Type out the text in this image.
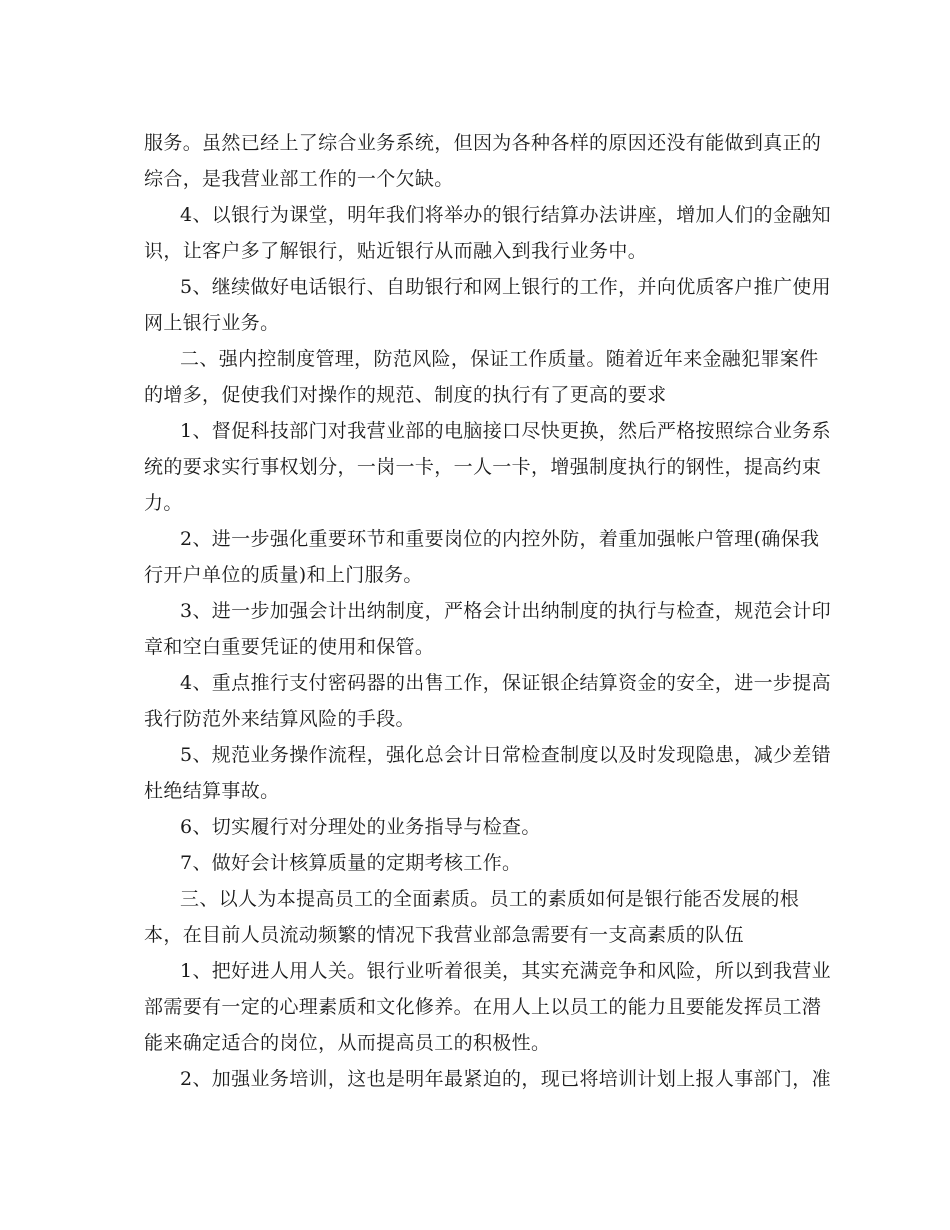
服务。虽然已经上了综合业务系统，但因为各种各样的原因还没有能做到真正的
综合，是我营业部工作的一个欠缺。
4、以银行为课堂，明年我们将举办的银行结算办法讲座，增加人们的金融知
识，让客户多了解银行，贴近银行从而融入到我行业务中。
5、继续做好电话银行、自助银行和网上银行的工作，并向优质客户推广使用
网上银行业务。
二、强内控制度管理，防范风险，保证工作质量。随着近年来金融犯罪案件
的增多，促使我们对操作的规范、制度的执行有了更高的要求
1、督促科技部门对我营业部的电脑接口尽快更换，然后严格按照综合业务系
统的要求实行事权划分，一岗一卡，一人一卡，增强制度执行的钢性，提高约束
力。
2、进一步强化重要环节和重要岗位的内控外防，着重加强帐户管理(确保我
行开户单位的质量)和上门服务。
3、进一步加强会计出纳制度，严格会计出纳制度的执行与检查，规范会计印
章和空白重要凭证的使用和保管。
4、重点推行支付密码器的出售工作，保证银企结算资金的安全，进一步提高
我行防范外来结算风险的手段。
5、规范业务操作流程，强化总会计日常检查制度以及时发现隐患，减少差错
杜绝结算事故。
6、切实履行对分理处的业务指导与检查。
7、做好会计核算质量的定期考核工作。
三、以人为本提高员工的全面素质。员工的素质如何是银行能否发展的根
本，在目前人员流动频繁的情况下我营业部急需要有一支高素质的队伍
1、把好进人用人关。银行业听着很美，其实充满竞争和风险，所以到我营业
部需要有一定的心理素质和文化修养。在用人上以员工的能力且要能发挥员工潜
能来确定适合的岗位，从而提高员工的积极性。
2、加强业务培训，这也是明年最紧迫的，现已将培训计划上报人事部门，准
